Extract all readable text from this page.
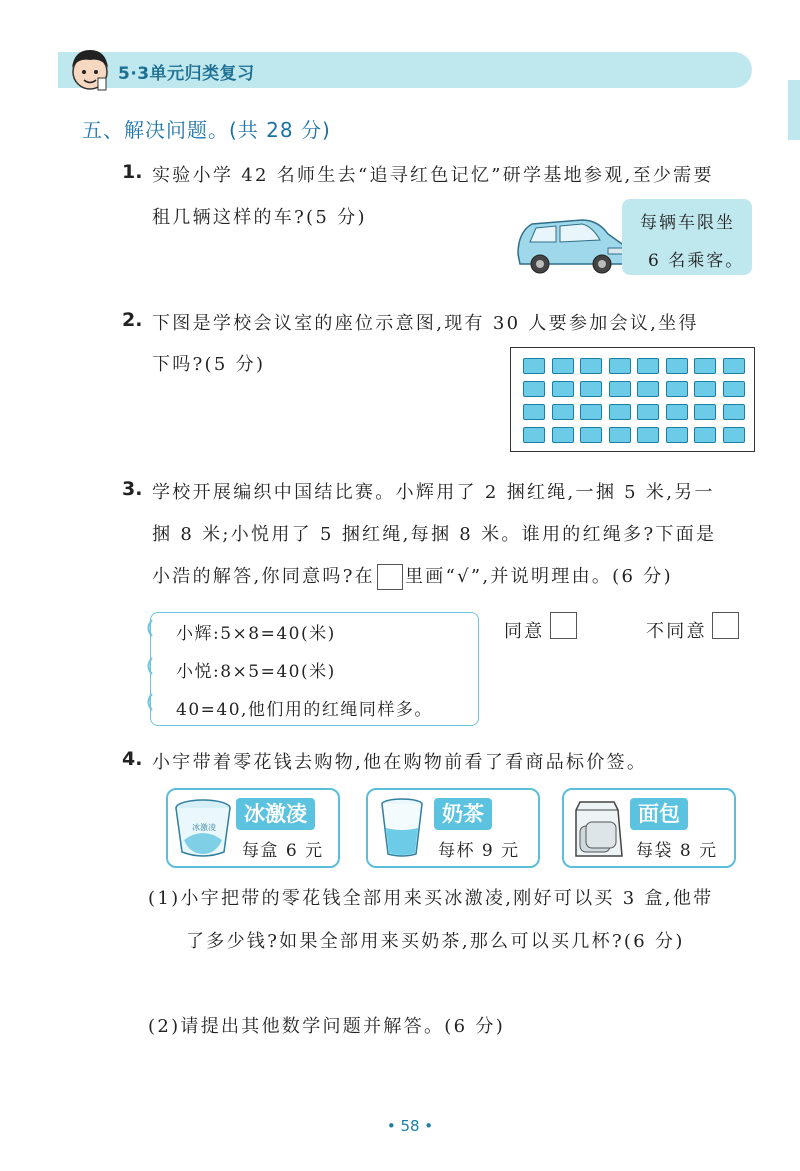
5·3单元归类复习
五、解决问题。(共 28 分)
1. 实验小学 42 名师生去“追寻红色记忆”研学基地参观,至少需要
租几辆这样的车?(5 分)	每辆车限坐
6 名乘客。
2. 下图是学校会议室的座位示意图,现有 30 人要参加会议,坐得
下吗?(5 分)
3. 学校开展编织中国结比赛。小辉用了 2 捆红绳,一捆 5 米,另一
捆 8 米;小悦用了 5 捆红绳,每捆 8 米。谁用的红绳多?下面是
小浩的解答,你同意吗?在 里画“√”,并说明理由。(6 分)
小辉:5×8=40(米)
小悦:8×5=40(米)
40=40,他们用的红绳同样多。
同意	不同意
4. 小宇带着零花钱去购物,他在购物前看了看商品标价签。
冰激凌
冰激凌
每盒 6 元
奶茶
每杯 9 元
面包
每袋 8 元
(1)小宇把带的零花钱全部用来买冰激凌,刚好可以买 3 盒,他带
了多少钱?如果全部用来买奶茶,那么可以买几杯?(6 分)
(2)请提出其他数学问题并解答。(6 分)
• 58 •
